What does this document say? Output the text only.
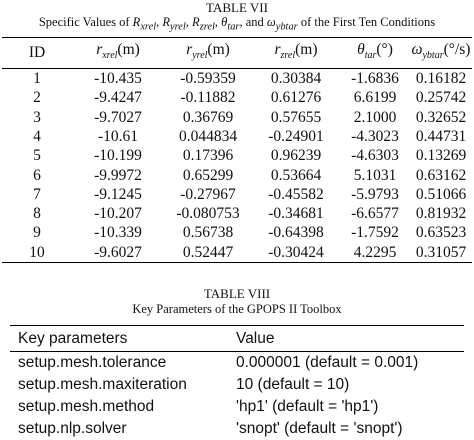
TABLE VII
Specific Values of $R_{xrel}$, $R_{yrel}$, $R_{zrel}$, $\theta_{tar}$, and $\omega_{ybtar}$ of the First Ten Conditions
ID	$r_{xrel}(m)$	$r_{yrel}(m)$	$r_{zrel}(m)$	$\theta_{tar}(^\circ)$	$\omega_{ybtar}(^\circ/s)$
1	-10.435	-0.59359	0.30384	-1.6836	0.16182
2	-9.4247	-0.11882	0.61276	6.6199	0.25742
3	-9.7027	0.36769	0.57655	2.1000	0.32652
4	-10.61	0.044834	-0.24901	-4.3023	0.44731
5	-10.199	0.17396	0.96239	-4.6303	0.13269
6	-9.9972	0.65299	0.53664	5.1031	0.63162
7	-9.1245	-0.27967	-0.45582	-5.9793	0.51066
8	-10.207	-0.080753	-0.34681	-6.6577	0.81932
9	-10.339	0.56738	-0.64398	-1.7592	0.63523
10	-9.6027	0.52447	-0.30424	4.2295	0.31057
TABLE VIII
Key Parameters of the GPOPS II Toolbox
Key parameters	Value
setup.mesh.tolerance	0.000001 (default = 0.001)
setup.mesh.maxiteration	10 (default = 10)
setup.mesh.method	'hp1' (default = 'hp1')
setup.nlp.solver	'snopt' (default = 'snopt')
